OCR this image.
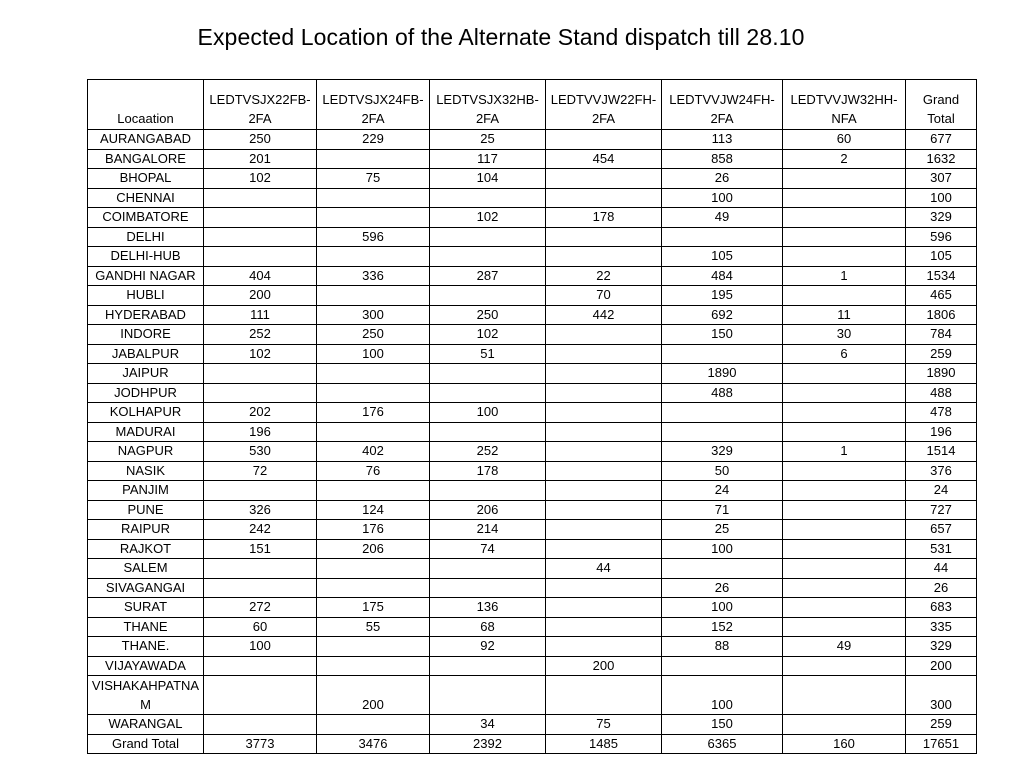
Expected Location of the Alternate Stand dispatch till 28.10
Locaation	LEDTVSJX22FB-2FA	LEDTVSJX24FB-2FA	LEDTVSJX32HB-2FA	LEDTVVJW22FH-2FA	LEDTVVJW24FH-2FA	LEDTVVJW32HH-NFA	Grand Total
AURANGABAD	250	229	25		113	60	677
BANGALORE	201		117	454	858	2	1632
BHOPAL	102	75	104		26		307
CHENNAI					100		100
COIMBATORE			102	178	49		329
DELHI		596					596
DELHI-HUB					105		105
GANDHI NAGAR	404	336	287	22	484	1	1534
HUBLI	200			70	195		465
HYDERABAD	111	300	250	442	692	11	1806
INDORE	252	250	102		150	30	784
JABALPUR	102	100	51			6	259
JAIPUR					1890		1890
JODHPUR					488		488
KOLHAPUR	202	176	100				478
MADURAI	196						196
NAGPUR	530	402	252		329	1	1514
NASIK	72	76	178		50		376
PANJIM					24		24
PUNE	326	124	206		71		727
RAIPUR	242	176	214		25		657
RAJKOT	151	206	74		100		531
SALEM				44			44
SIVAGANGAI					26		26
SURAT	272	175	136		100		683
THANE	60	55	68		152		335
THANE.	100		92		88	49	329
VIJAYAWADA				200			200
VISHAKAHPATNAM		200			100		300
WARANGAL			34	75	150		259
Grand Total	3773	3476	2392	1485	6365	160	17651
